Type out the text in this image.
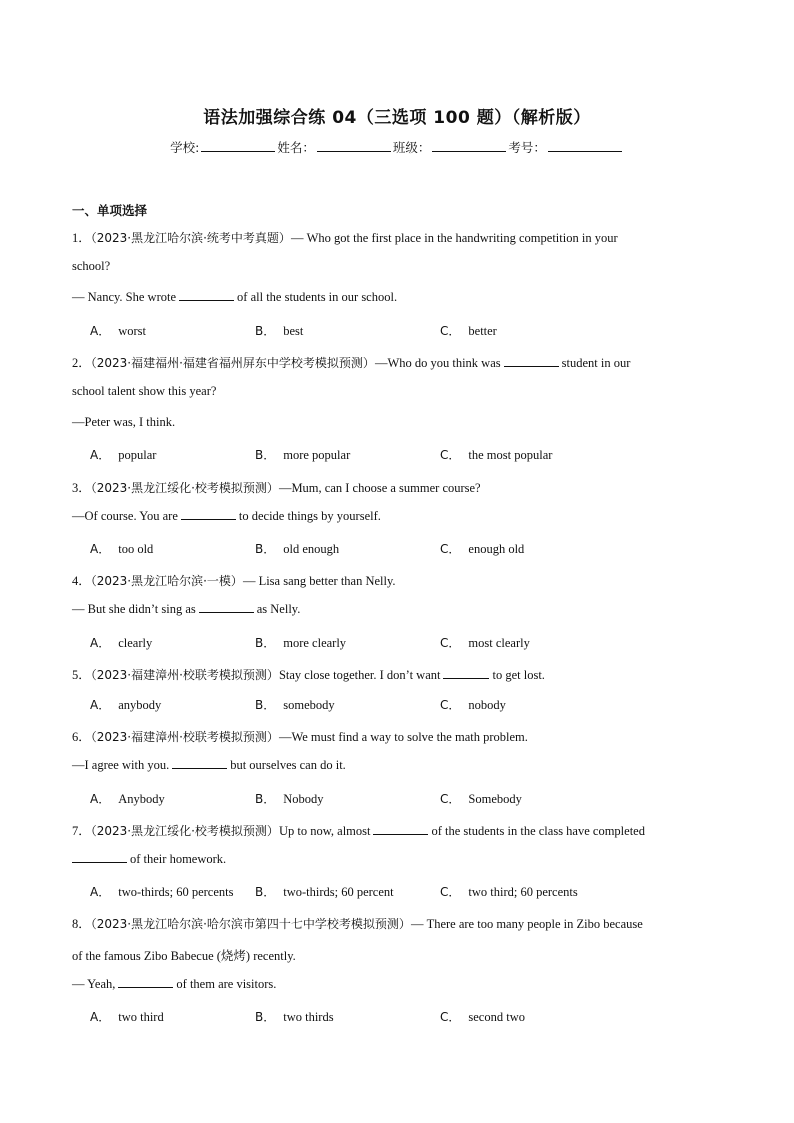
语法加强综合练 04（三选项 100 题）（解析版）
学校:	姓名：	班级：	考号：
一、单项选择
1．（2023·黑龙江哈尔滨·统考中考真题）— Who got the first place in the handwriting competition in your
school?
— Nancy. She wrote	of all the students in our school.
A． worst	B． best	C． better
2．（2023·福建福州·福建省福州屏东中学校考模拟预测）—Who do you think was	student in our
school talent show this year?
—Peter was, I think.
A． popular	B． more popular	C． the most popular
3．（2023·黑龙江绥化·校考模拟预测）—Mum, can I choose a summer course?
—Of course. You are	to decide things by yourself.
A． too old	B． old enough	C． enough old
4．（2023·黑龙江哈尔滨·一模）— Lisa sang better than Nelly.
— But she didn’t sing as	as Nelly.
A． clearly	B． more clearly	C． most clearly
5．（2023·福建漳州·校联考模拟预测）Stay close together. I don’t want	to get lost.
A． anybody	B． somebody	C． nobody
6．（2023·福建漳州·校联考模拟预测）—We must find a way to solve the math problem.
—I agree with you.	but ourselves can do it.
A． Anybody	B． Nobody	C． Somebody
7．（2023·黑龙江绥化·校考模拟预测）Up to now, almost	of the students in the class have completed
of their homework.
A． two-thirds; 60 percents B． two-thirds; 60 percent	C． two third; 60 percents
8．（2023·黑龙江哈尔滨·哈尔滨市第四十七中学校考模拟预测）— There are too many people in Zibo because
of the famous Zibo Babecue (烧烤) recently.
— Yeah,	of them are visitors.
A． two third	B． two thirds	C． second two
